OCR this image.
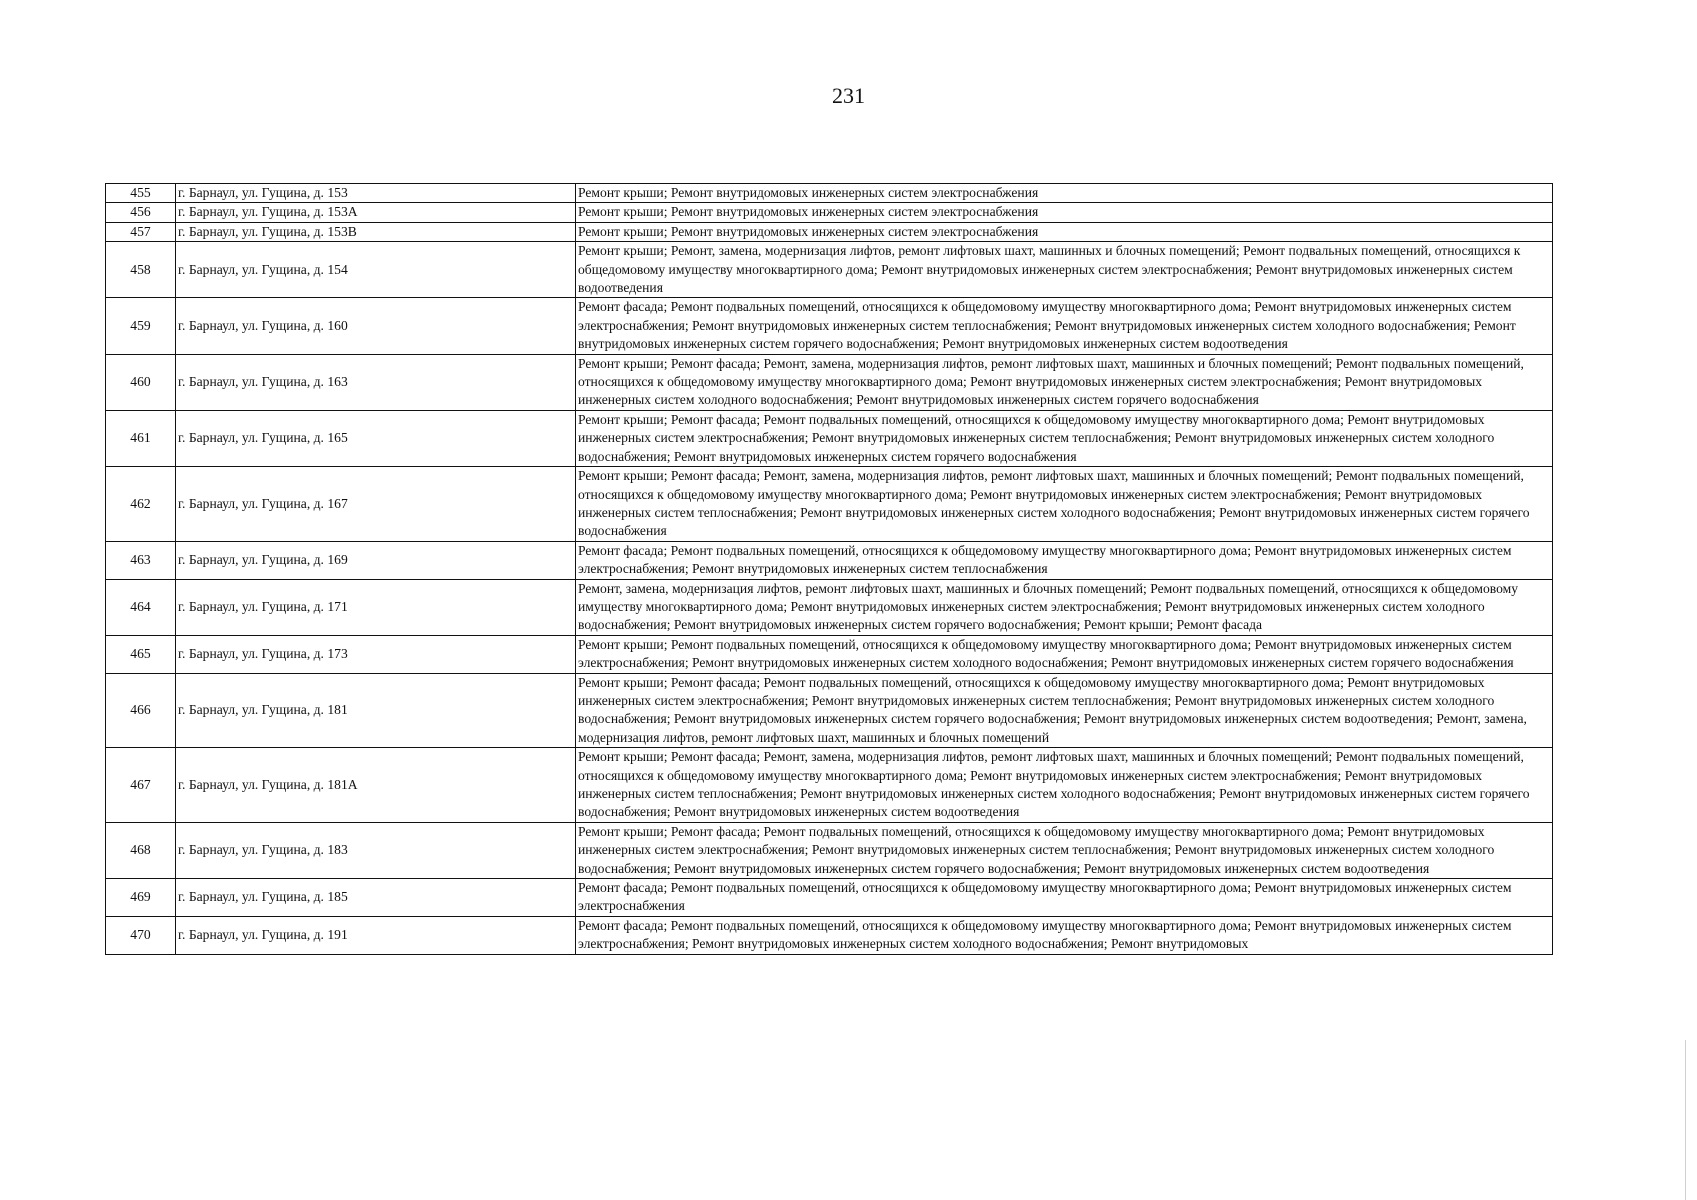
231
455	г. Барнаул, ул. Гущина, д. 153	Ремонт крыши; Ремонт внутридомовых инженерных систем электроснабжения
456	г. Барнаул, ул. Гущина, д. 153А	Ремонт крыши; Ремонт внутридомовых инженерных систем электроснабжения
457	г. Барнаул, ул. Гущина, д. 153В	Ремонт крыши; Ремонт внутридомовых инженерных систем электроснабжения
458	г. Барнаул, ул. Гущина, д. 154	Ремонт крыши; Ремонт, замена, модернизация лифтов, ремонт лифтовых шахт, машинных и блочных помещений; Ремонт подвальных помещений, относящихся к общедомовому имуществу многоквартирного дома; Ремонт внутридомовых инженерных систем электроснабжения; Ремонт внутридомовых инженерных систем водоотведения
459	г. Барнаул, ул. Гущина, д. 160	Ремонт фасада; Ремонт подвальных помещений, относящихся к общедомовому имуществу многоквартирного дома; Ремонт внутридомовых инженерных систем электроснабжения; Ремонт внутридомовых инженерных систем теплоснабжения; Ремонт внутридомовых инженерных систем холодного водоснабжения; Ремонт внутридомовых инженерных систем горячего водоснабжения; Ремонт внутридомовых инженерных систем водоотведения
460	г. Барнаул, ул. Гущина, д. 163	Ремонт крыши; Ремонт фасада; Ремонт, замена, модернизация лифтов, ремонт лифтовых шахт, машинных и блочных помещений; Ремонт подвальных помещений, относящихся к общедомовому имуществу многоквартирного дома; Ремонт внутридомовых инженерных систем электроснабжения; Ремонт внутридомовых инженерных систем холодного водоснабжения; Ремонт внутридомовых инженерных систем горячего водоснабжения
461	г. Барнаул, ул. Гущина, д. 165	Ремонт крыши; Ремонт фасада; Ремонт подвальных помещений, относящихся к общедомовому имуществу многоквартирного дома; Ремонт внутридомовых инженерных систем электроснабжения; Ремонт внутридомовых инженерных систем теплоснабжения; Ремонт внутридомовых инженерных систем холодного водоснабжения; Ремонт внутридомовых инженерных систем горячего водоснабжения
462	г. Барнаул, ул. Гущина, д. 167	Ремонт крыши; Ремонт фасада; Ремонт, замена, модернизация лифтов, ремонт лифтовых шахт, машинных и блочных помещений; Ремонт подвальных помещений, относящихся к общедомовому имуществу многоквартирного дома; Ремонт внутридомовых инженерных систем электроснабжения; Ремонт внутридомовых инженерных систем теплоснабжения; Ремонт внутридомовых инженерных систем холодного водоснабжения; Ремонт внутридомовых инженерных систем горячего водоснабжения
463	г. Барнаул, ул. Гущина, д. 169	Ремонт фасада; Ремонт подвальных помещений, относящихся к общедомовому имуществу многоквартирного дома; Ремонт внутридомовых инженерных систем электроснабжения; Ремонт внутридомовых инженерных систем теплоснабжения
464	г. Барнаул, ул. Гущина, д. 171	Ремонт, замена, модернизация лифтов, ремонт лифтовых шахт, машинных и блочных помещений; Ремонт подвальных помещений, относящихся к общедомовому имуществу многоквартирного дома; Ремонт внутридомовых инженерных систем электроснабжения; Ремонт внутридомовых инженерных систем холодного водоснабжения; Ремонт внутридомовых инженерных систем горячего водоснабжения; Ремонт крыши; Ремонт фасада
465	г. Барнаул, ул. Гущина, д. 173	Ремонт крыши; Ремонт подвальных помещений, относящихся к общедомовому имуществу многоквартирного дома; Ремонт внутридомовых инженерных систем электроснабжения; Ремонт внутридомовых инженерных систем холодного водоснабжения; Ремонт внутридомовых инженерных систем горячего водоснабжения
466	г. Барнаул, ул. Гущина, д. 181	Ремонт крыши; Ремонт фасада; Ремонт подвальных помещений, относящихся к общедомовому имуществу многоквартирного дома; Ремонт внутридомовых инженерных систем электроснабжения; Ремонт внутридомовых инженерных систем теплоснабжения; Ремонт внутридомовых инженерных систем холодного водоснабжения; Ремонт внутридомовых инженерных систем горячего водоснабжения; Ремонт внутридомовых инженерных систем водоотведения; Ремонт, замена, модернизация лифтов, ремонт лифтовых шахт, машинных и блочных помещений
467	г. Барнаул, ул. Гущина, д. 181А	Ремонт крыши; Ремонт фасада; Ремонт, замена, модернизация лифтов, ремонт лифтовых шахт, машинных и блочных помещений; Ремонт подвальных помещений, относящихся к общедомовому имуществу многоквартирного дома; Ремонт внутридомовых инженерных систем электроснабжения; Ремонт внутридомовых инженерных систем теплоснабжения; Ремонт внутридомовых инженерных систем холодного водоснабжения; Ремонт внутридомовых инженерных систем горячего водоснабжения; Ремонт внутридомовых инженерных систем водоотведения
468	г. Барнаул, ул. Гущина, д. 183	Ремонт крыши; Ремонт фасада; Ремонт подвальных помещений, относящихся к общедомовому имуществу многоквартирного дома; Ремонт внутридомовых инженерных систем электроснабжения; Ремонт внутридомовых инженерных систем теплоснабжения; Ремонт внутридомовых инженерных систем холодного водоснабжения; Ремонт внутридомовых инженерных систем горячего водоснабжения; Ремонт внутридомовых инженерных систем водоотведения
469	г. Барнаул, ул. Гущина, д. 185	Ремонт фасада; Ремонт подвальных помещений, относящихся к общедомовому имуществу многоквартирного дома; Ремонт внутридомовых инженерных систем электроснабжения
470	г. Барнаул, ул. Гущина, д. 191	Ремонт фасада; Ремонт подвальных помещений, относящихся к общедомовому имуществу многоквартирного дома; Ремонт внутридомовых инженерных систем электроснабжения; Ремонт внутридомовых инженерных систем холодного водоснабжения; Ремонт внутридомовых
